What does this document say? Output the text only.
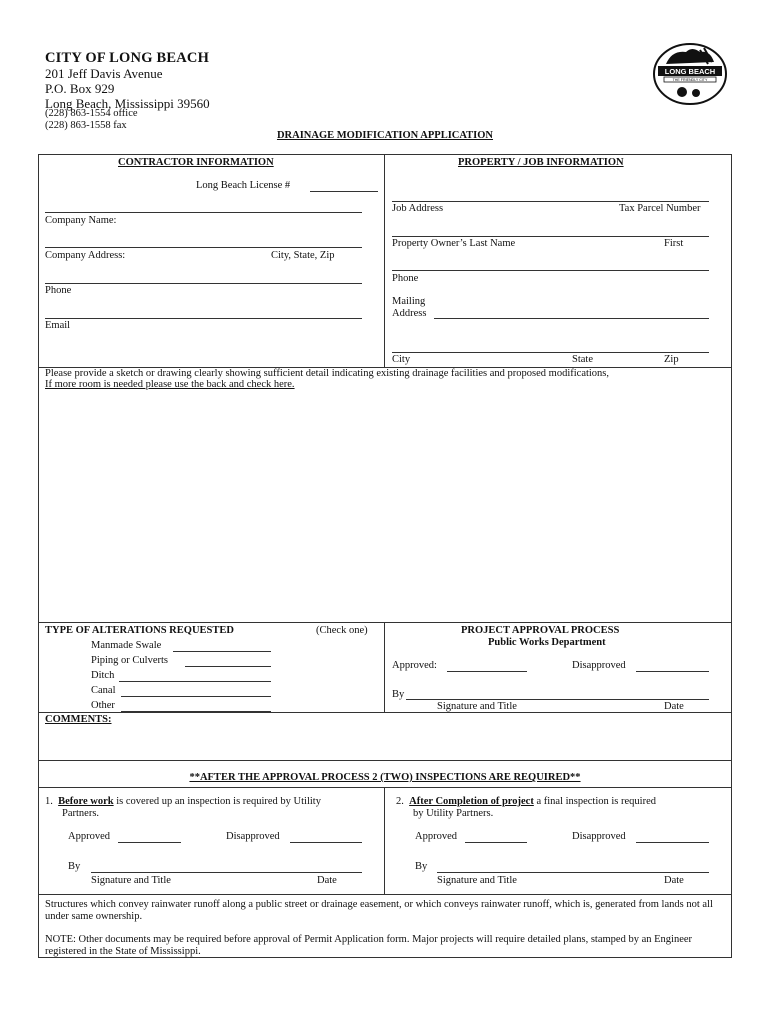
CITY OF LONG BEACH
201 Jeff Davis Avenue
P.O. Box 929
Long Beach, Mississippi 39560
(228) 863-1554 office
(228) 863-1558 fax
LONG BEACH
THE FRIENDLY CITY
DRAINAGE MODIFICATION APPLICATION
CONTRACTOR INFORMATION
Long Beach License #
Company Name:
Company Address:	City, State, Zip
Phone
Email
PROPERTY / JOB INFORMATION
Job Address	Tax Parcel Number
Property Owner’s Last Name	First
Phone
Mailing
Address
City	State	Zip
Please provide a sketch or drawing clearly showing sufficient detail indicating existing drainage facilities and proposed modifications,
If more room is needed please use the back and check here.
TYPE OF ALTERATIONS REQUESTED	(Check one)
Manmade Swale
Piping or Culverts
Ditch
Canal
Other
PROJECT APPROVAL PROCESS
Public Works Department
Approved:	Disapproved
By
Signature and Title	Date
COMMENTS:
**AFTER THE APPROVAL PROCESS 2 (TWO) INSPECTIONS ARE REQUIRED**
1. Before work is covered up an inspection is required by Utility
Partners.
Approved	Disapproved
By
Signature and Title	Date
2. After Completion of project a final inspection is required
by Utility Partners.
Approved	Disapproved
By
Signature and Title	Date
Structures which convey rainwater runoff along a public street or drainage easement, or which conveys rainwater runoff, which is, generated from lands not all under same ownership.
NOTE: Other documents may be required before approval of Permit Application form. Major projects will require detailed plans, stamped by an Engineer registered in the State of Mississippi.
